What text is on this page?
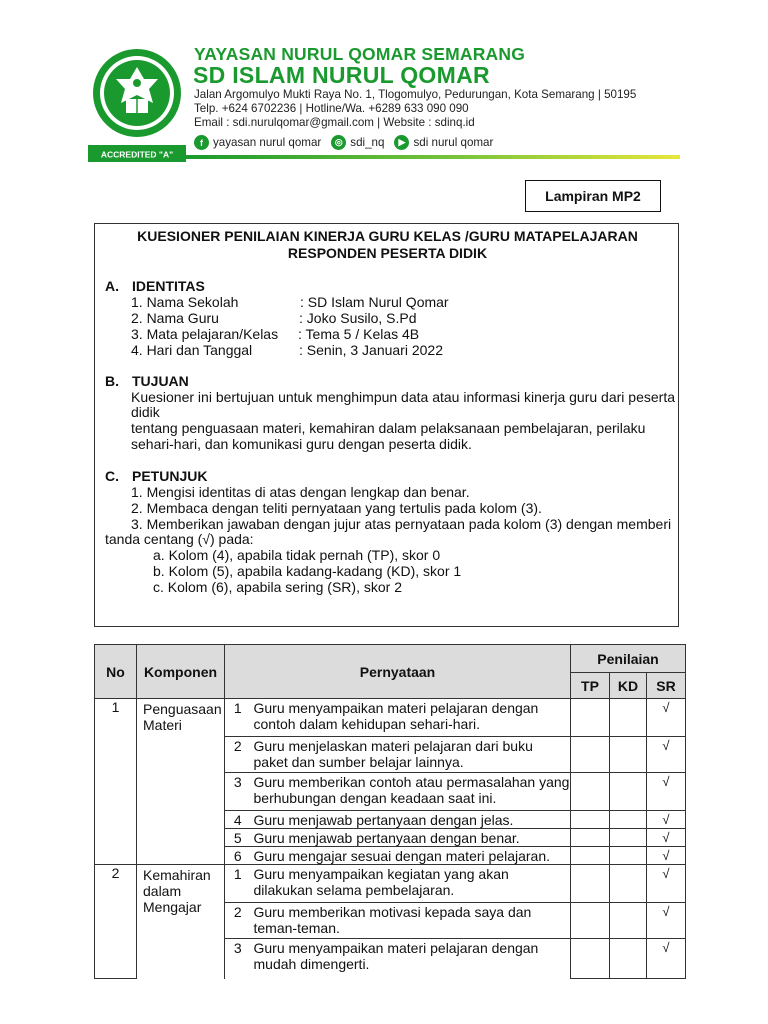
ACCREDITED "A"
YAYASAN NURUL QOMAR SEMARANG
SD ISLAM NURUL QOMAR
Jalan Argomulyo Mukti Raya No. 1, Tlogomulyo, Pedurungan, Kota Semarang | 50195
Telp. +624 6702236 | Hotline/Wa. +6289 633 090 090
Email : sdi.nurulqomar@gmail.com | Website : sdinq.id
f yayasan nurul qomar	◎ sdi_nq	▶ sdi nurul qomar
Lampiran MP2
KUESIONER PENILAIAN KINERJA GURU KELAS /GURU MATAPELAJARAN
RESPONDEN PESERTA DIDIK
A. IDENTITAS
1. Nama Sekolah	: SD Islam Nurul Qomar
2. Nama Guru	: Joko Susilo, S.Pd
3. Mata pelajaran/Kelas : Tema 5 / Kelas 4B
4. Hari dan Tanggal	: Senin, 3 Januari 2022
B. TUJUAN
Kuesioner ini bertujuan untuk menghimpun data atau informasi kinerja guru dari peserta
didik
tentang penguasaan materi, kemahiran dalam pelaksanaan pembelajaran, perilaku
sehari-hari, dan komunikasi guru dengan peserta didik.
C. PETUNJUK
1. Mengisi identitas di atas dengan lengkap dan benar.
2. Membaca dengan teliti pernyataan yang tertulis pada kolom (3).
3. Memberikan jawaban dengan jujur atas pernyataan pada kolom (3) dengan memberi
tanda centang (√) pada:
a. Kolom (4), apabila tidak pernah (TP), skor 0
b. Kolom (5), apabila kadang-kadang (KD), skor 1
c. Kolom (6), apabila sering (SR), skor 2
No	Komponen	Pernyataan		Penilaian		
				TP	KD	SR
1	Penguasaan Materi	1	Guru menyampaikan materi pelajaran dengan contoh dalam kehidupan sehari-hari.			√
		2	Guru menjelaskan materi pelajaran dari buku paket dan sumber belajar lainnya.			√
		3	Guru memberikan contoh atau permasalahan yang berhubungan dengan keadaan saat ini.			√
		4	Guru menjawab pertanyaan dengan jelas.			√
		5	Guru menjawab pertanyaan dengan benar.			√
		6	Guru mengajar sesuai dengan materi pelajaran.			√
2	Kemahiran dalam Mengajar	1	Guru menyampaikan kegiatan yang akan dilakukan selama pembelajaran.			√
		2	Guru memberikan motivasi kepada saya dan teman-teman.			√
		3	Guru menyampaikan materi pelajaran dengan mudah dimengerti.			√
